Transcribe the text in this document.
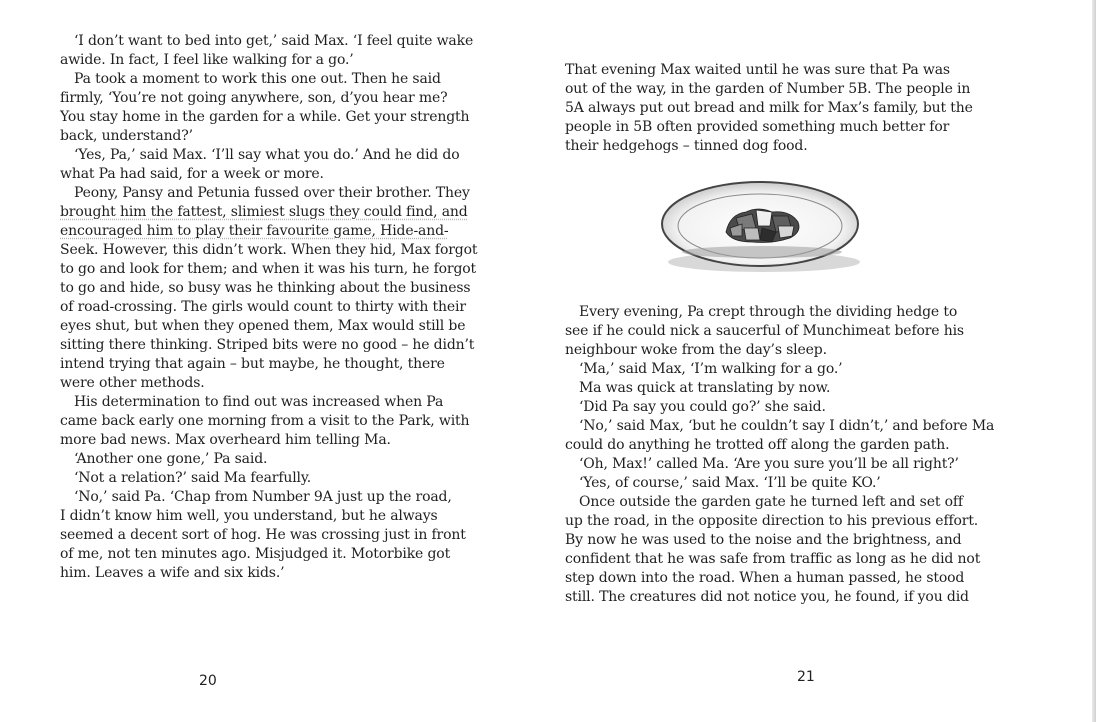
‘I don’t want to bed into get,’ said Max. ‘I feel quite wake
awide. In fact, I feel like walking for a go.’
Pa took a moment to work this one out. Then he said
firmly, ‘You’re not going anywhere, son, d’you hear me?
You stay home in the garden for a while. Get your strength
back, understand?’
‘Yes, Pa,’ said Max. ‘I’ll say what you do.’ And he did do
what Pa had said, for a week or more.
Peony, Pansy and Petunia fussed over their brother. They
brought him the fattest, slimiest slugs they could find, and
encouraged him to play their favourite game, Hide-and-
Seek. However, this didn’t work. When they hid, Max forgot
to go and look for them; and when it was his turn, he forgot
to go and hide, so busy was he thinking about the business
of road-crossing. The girls would count to thirty with their
eyes shut, but when they opened them, Max would still be
sitting there thinking. Striped bits were no good – he didn’t
intend trying that again – but maybe, he thought, there
were other methods.
His determination to find out was increased when Pa
came back early one morning from a visit to the Park, with
more bad news. Max overheard him telling Ma.
‘Another one gone,’ Pa said.
‘Not a relation?’ said Ma fearfully.
‘No,’ said Pa. ‘Chap from Number 9A just up the road,
I didn’t know him well, you understand, but he always
seemed a decent sort of hog. He was crossing just in front
of me, not ten minutes ago. Misjudged it. Motorbike got
him. Leaves a wife and six kids.’
20
That evening Max waited until he was sure that Pa was
out of the way, in the garden of Number 5B. The people in
5A always put out bread and milk for Max’s family, but the
people in 5B often provided something much better for
their hedgehogs – tinned dog food.
Every evening, Pa crept through the dividing hedge to
see if he could nick a saucerful of Munchimeat before his
neighbour woke from the day’s sleep.
‘Ma,’ said Max, ‘I’m walking for a go.’
Ma was quick at translating by now.
‘Did Pa say you could go?’ she said.
‘No,’ said Max, ‘but he couldn’t say I didn’t,’ and before Ma
could do anything he trotted off along the garden path.
‘Oh, Max!’ called Ma. ‘Are you sure you’ll be all right?’
‘Yes, of course,’ said Max. ‘I’ll be quite KO.’
Once outside the garden gate he turned left and set off
up the road, in the opposite direction to his previous effort.
By now he was used to the noise and the brightness, and
confident that he was safe from traffic as long as he did not
step down into the road. When a human passed, he stood
still. The creatures did not notice you, he found, if you did
21
